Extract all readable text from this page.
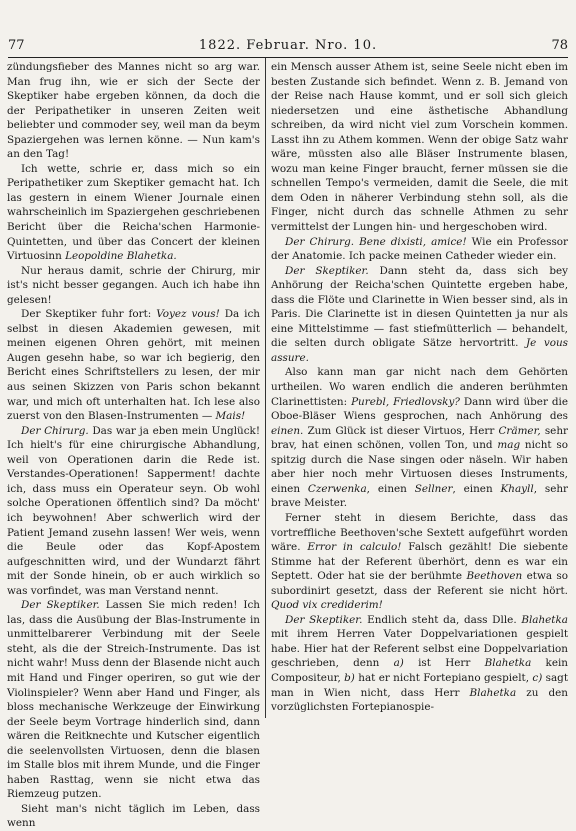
77	1822. Februar. Nro. 10.	78

zündungsfieber des Mannes nicht so arg war. Man frug ihn, wie er sich der Secte der Skeptiker habe ergeben können, da doch die der Peripathetiker in unseren Zeiten weit beliebter und commoder sey, weil man da beym Spaziergehen was lernen könne. — Nun kam's an den Tag!

Ich wette, schrie er, dass mich so ein Peripathetiker zum Skeptiker gemacht hat. Ich las gestern in einem Wiener Journale einen wahrscheinlich im Spaziergehen geschriebenen Bericht über die Reicha'schen Harmonie-Quintetten, und über das Concert der kleinen Virtuosinn Leopoldine Blahetka.

Nur heraus damit, schrie der Chirurg, mir ist's nicht besser gegangen. Auch ich habe ihn gelesen!

Der Skeptiker fuhr fort: Voyez vous! Da ich selbst in diesen Akademien gewesen, mit meinen eigenen Ohren gehört, mit meinen Augen gesehn habe, so war ich begierig, den Bericht eines Schriftstellers zu lesen, der mir aus seinen Skizzen von Paris schon bekannt war, und mich oft unterhalten hat. Ich lese also zuerst von den Blasen-Instrumenten — Mais!

Der Chirurg. Das war ja eben mein Unglück! Ich hielt's für eine chirurgische Abhandlung, weil von Operationen darin die Rede ist. Verstandes-Operationen! Sapperment! dachte ich, dass muss ein Operateur seyn. Ob wohl solche Operationen öffentlich sind? Da möcht' ich beywohnen! Aber schwerlich wird der Patient Jemand zusehn lassen! Wer weis, wenn die Beule oder das Kopf-Apostem aufgeschnitten wird, und der Wundarzt fährt mit der Sonde hinein, ob er auch wirklich so was vorfindet, was man Verstand nennt.

Der Skeptiker. Lassen Sie mich reden! Ich las, dass die Ausübung der Blas-Instrumente in unmittelbarerer Verbindung mit der Seele steht, als die der Streich-Instrumente. Das ist nicht wahr! Muss denn der Blasende nicht auch mit Hand und Finger operiren, so gut wie der Violinspieler? Wenn aber Hand und Finger, als bloss mechanische Werkzeuge der Einwirkung der Seele beym Vortrage hinderlich sind, dann wären die Reitknechte und Kutscher eigentlich die seelenvollsten Virtuosen, denn die blasen im Stalle blos mit ihrem Munde, und die Finger haben Rasttag, wenn sie nicht etwa das Riemzeug putzen.

Sieht man's nicht täglich im Leben, dass wenn

ein Mensch ausser Athem ist, seine Seele nicht eben im besten Zustande sich befindet. Wenn z. B. Jemand von der Reise nach Hause kommt, und er soll sich gleich niedersetzen und eine ästhetische Abhandlung schreiben, da wird nicht viel zum Vorschein kommen. Lasst ihn zu Athem kommen. Wenn der obige Satz wahr wäre, müssten also alle Bläser Instrumente blasen, wozu man keine Finger braucht, ferner müssen sie die schnellen Tempo's vermeiden, damit die Seele, die mit dem Oden in näherer Verbindung stehn soll, als die Finger, nicht durch das schnelle Athmen zu sehr vermittelst der Lungen hin- und hergeschoben wird.

Der Chirurg. Bene dixisti, amice! Wie ein Professor der Anatomie. Ich packe meinen Catheder wieder ein.

Der Skeptiker. Dann steht da, dass sich bey Anhörung der Reicha'schen Quintette ergeben habe, dass die Flöte und Clarinette in Wien besser sind, als in Paris. Die Clarinette ist in diesen Quintetten ja nur als eine Mittelstimme — fast stiefmütterlich — behandelt, die selten durch obligate Sätze hervortritt. Je vous assure.

Also kann man gar nicht nach dem Gehörten urtheilen. Wo waren endlich die anderen berühmten Clarinettisten: Purebl, Friedlovsky? Dann wird über die Oboe-Bläser Wiens gesprochen, nach Anhörung des einen. Zum Glück ist dieser Virtuos, Herr Crämer, sehr brav, hat einen schönen, vollen Ton, und mag nicht so spitzig durch die Nase singen oder näseln. Wir haben aber hier noch mehr Virtuosen dieses Instruments, einen Czerwenka, einen Sellner, einen Khayll, sehr brave Meister.

Ferner steht in diesem Berichte, dass das vortreffliche Beethoven'sche Sextett aufgeführt worden wäre. Error in calculo! Falsch gezählt! Die siebente Stimme hat der Referent überhört, denn es war ein Septett. Oder hat sie der berühmte Beethoven etwa so subordinirt gesetzt, dass der Referent sie nicht hört. Quod vix crediderim!

Der Skeptiker. Endlich steht da, dass Dlle. Blahetka mit ihrem Herren Vater Doppelvariationen gespielt habe. Hier hat der Referent selbst eine Doppelvariation geschrieben, denn a) ist Herr Blahetka kein Compositeur, b) hat er nicht Fortepiano gespielt, c) sagt man in Wien nicht, dass Herr Blahetka zu den vorzüglichsten Fortepianospie-
